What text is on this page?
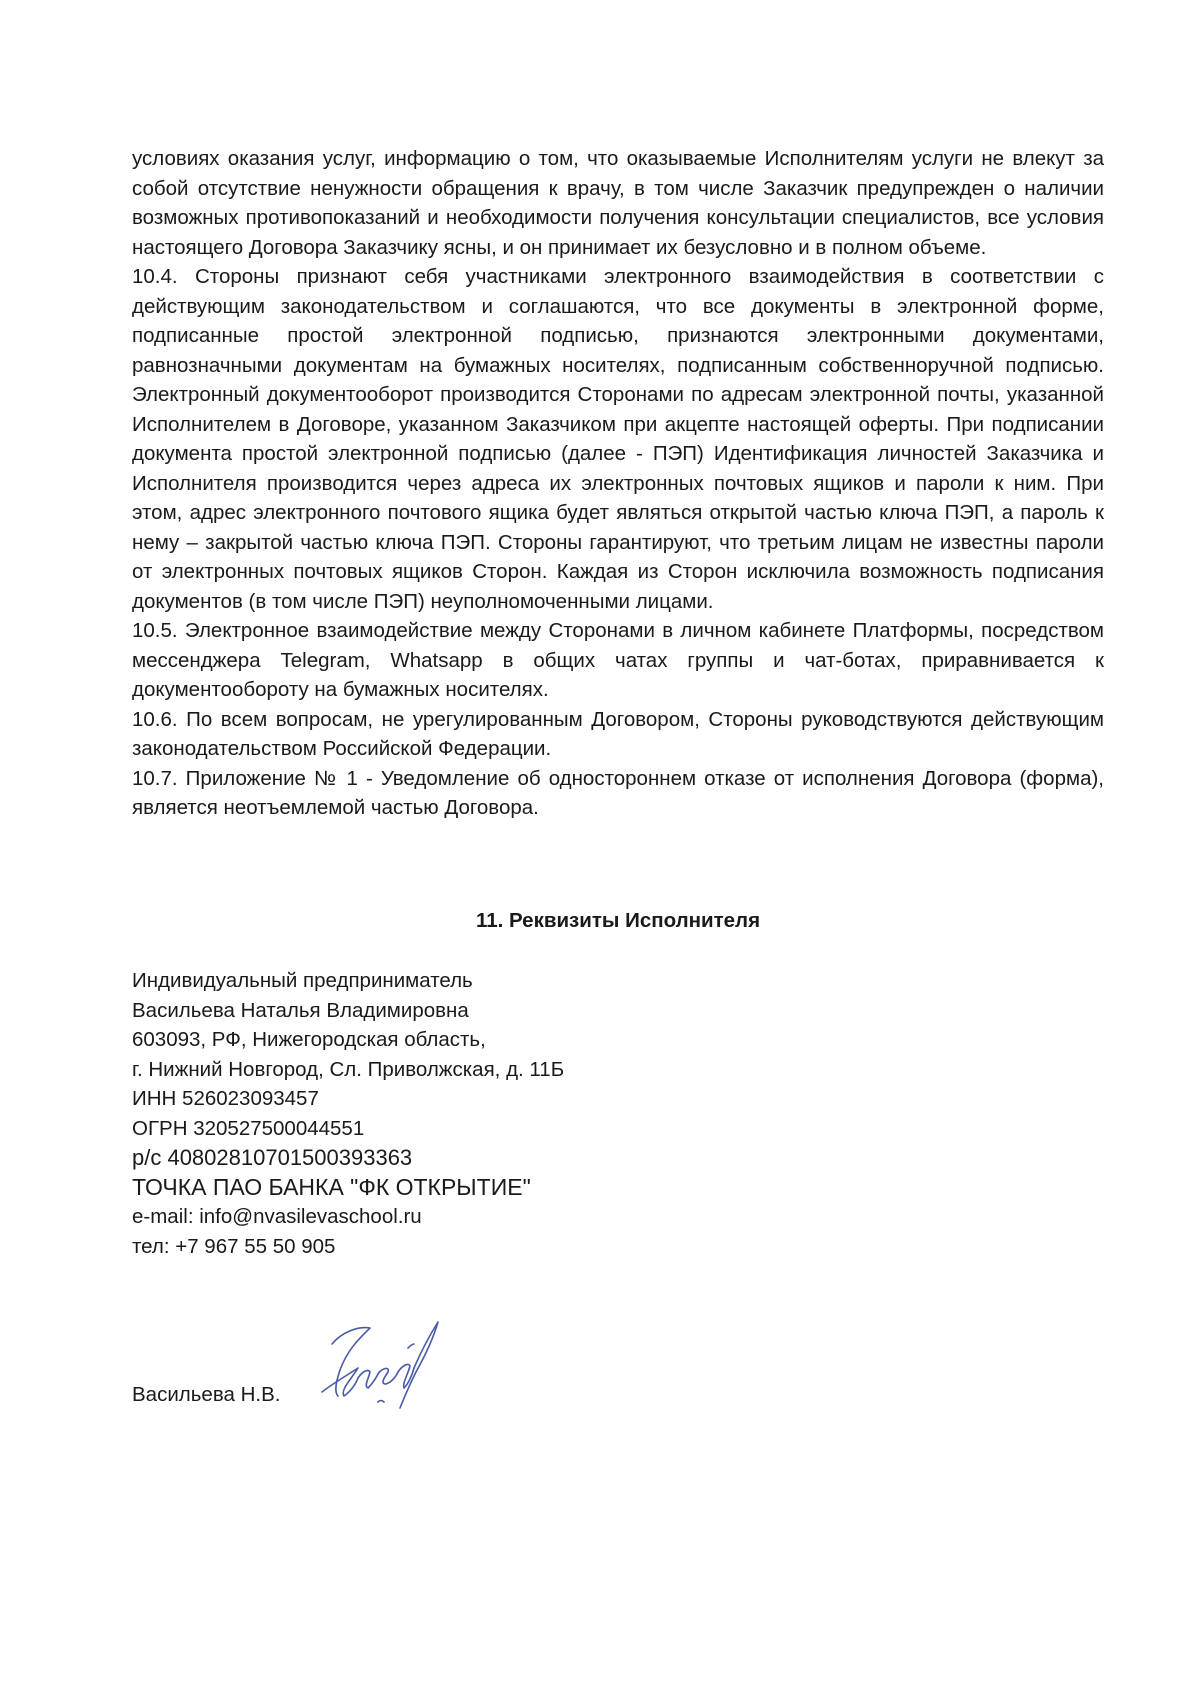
условиях оказания услуг, информацию о том, что оказываемые Исполнителям услуги не влекут за собой отсутствие ненужности обращения к врачу, в том числе Заказчик предупрежден о наличии возможных противопоказаний и необходимости получения консультации специалистов, все условия настоящего Договора Заказчику ясны, и он принимает их безусловно и в полном объеме.

10.4. Стороны признают себя участниками электронного взаимодействия в соответствии с действующим законодательством и соглашаются, что все документы в электронной форме, подписанные простой электронной подписью, признаются электронными документами, равнозначными документам на бумажных носителях, подписанным собственноручной подписью. Электронный документооборот производится Сторонами по адресам электронной почты, указанной Исполнителем в Договоре, указанном Заказчиком при акцепте настоящей оферты. При подписании документа простой электронной подписью (далее - ПЭП) Идентификация личностей Заказчика и Исполнителя производится через адреса их электронных почтовых ящиков и пароли к ним. При этом, адрес электронного почтового ящика будет являться открытой частью ключа ПЭП, а пароль к нему – закрытой частью ключа ПЭП. Стороны гарантируют, что третьим лицам не известны пароли от электронных почтовых ящиков Сторон. Каждая из Сторон исключила возможность подписания документов (в том числе ПЭП) неуполномоченными лицами.

10.5. Электронное взаимодействие между Сторонами в личном кабинете Платформы, посредством мессенджера Telegram, Whatsapp в общих чатах группы и чат-ботах, приравнивается к документообороту на бумажных носителях.

10.6. По всем вопросам, не урегулированным Договором, Стороны руководствуются действующим законодательством Российской Федерации.

10.7. Приложение № 1 - Уведомление об одностороннем отказе от исполнения Договора (форма), является неотъемлемой частью Договора.

11. Реквизиты Исполнителя
Индивидуальный предприниматель
Васильева Наталья Владимировна
603093, РФ, Нижегородская область,
г. Нижний Новгород, Сл. Приволжская, д. 11Б
ИНН 526023093457
ОГРН 320527500044551
р/с 40802810701500393363
ТОЧКА ПАО БАНКА "ФК ОТКРЫТИЕ"
e-mail: info@nvasilevaschool.ru
тел: +7 967 55 50 905
Васильева Н.В.
